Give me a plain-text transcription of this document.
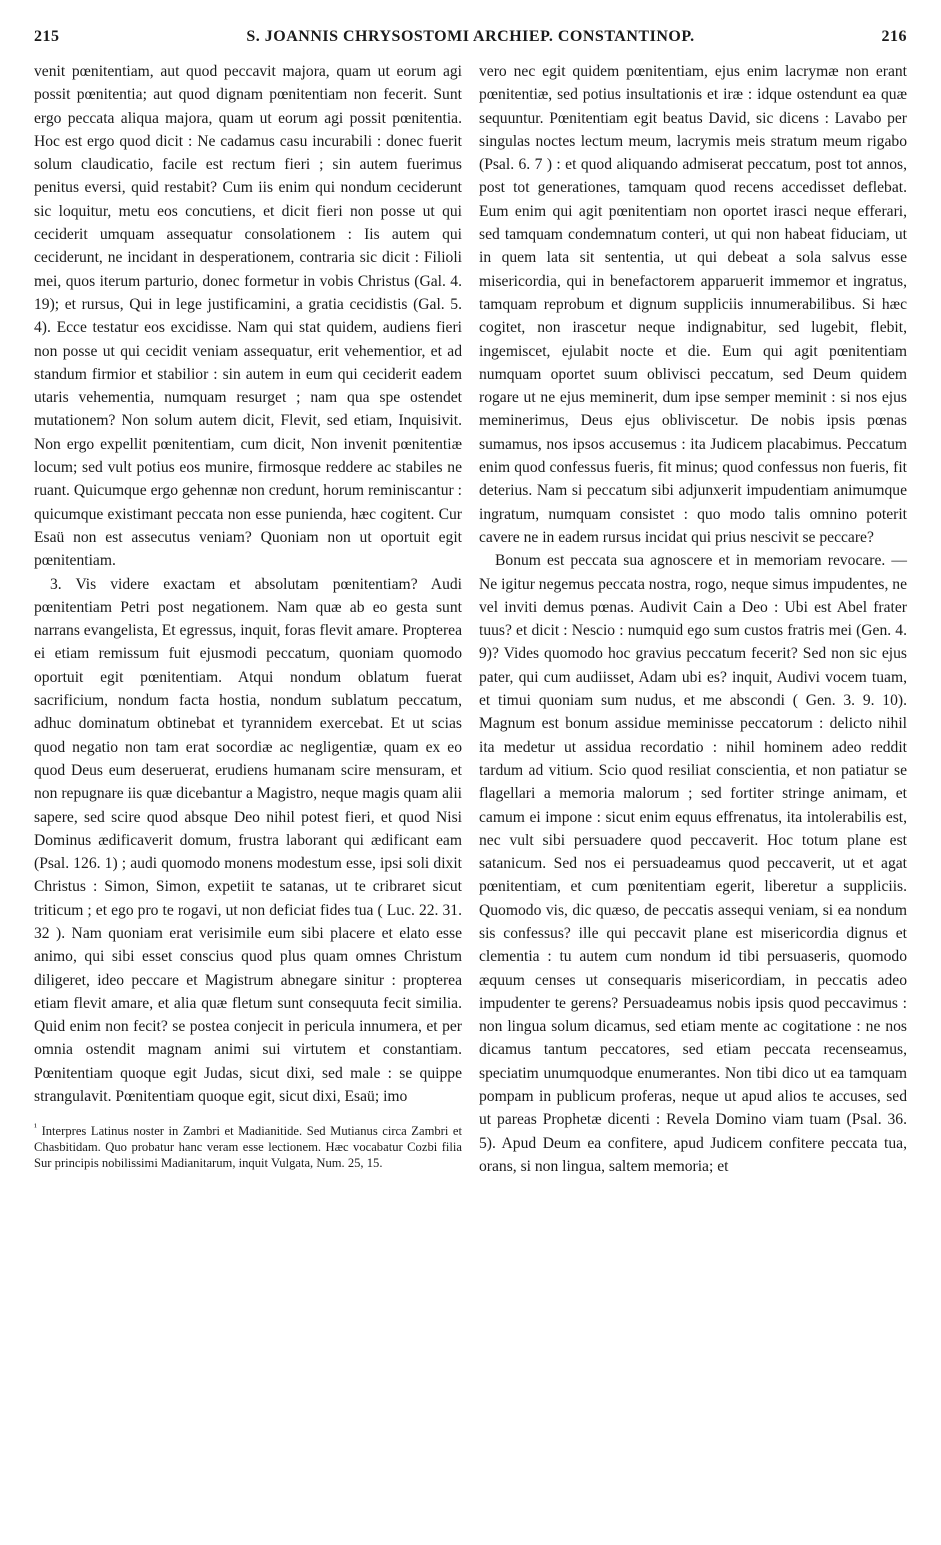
215	S. JOANNIS CHRYSOSTOMI ARCHIEP. CONSTANTINOP.	216

venit pœnitentiam, aut quod peccavit majora, quam ut eorum agi possit pœnitentia; aut quod dignam pœnitentiam non fecerit. Sunt ergo peccata aliqua majora, quam ut eorum agi possit pœnitentia. Hoc est ergo quod dicit : Ne cadamus casu incurabili : donec fuerit solum claudicatio, facile est rectum fieri ; sin autem fuerimus penitus eversi, quid restabit? Cum iis enim qui nondum ceciderunt sic loquitur, metu eos concutiens, et dicit fieri non posse ut qui ceciderit umquam assequatur consolationem : Iis autem qui ceciderunt, ne incidant in desperationem, contraria sic dicit : Filioli mei, quos iterum parturio, donec formetur in vobis Christus (Gal. 4. 19); et rursus, Qui in lege justificamini, a gratia cecidistis (Gal. 5. 4). Ecce testatur eos excidisse. Nam qui stat quidem, audiens fieri non posse ut qui cecidit veniam assequatur, erit vehementior, et ad standum firmior et stabilior : sin autem in eum qui ceciderit eadem utaris vehementia, numquam resurget ; nam qua spe ostendet mutationem? Non solum autem dicit, Flevit, sed etiam, Inquisivit. Non ergo expellit pœnitentiam, cum dicit, Non invenit pœnitentiæ locum; sed vult potius eos munire, firmosque reddere ac stabiles ne ruant. Quicumque ergo gehennæ non credunt, horum reminiscantur : quicumque existimant peccata non esse punienda, hæc cogitent. Cur Esaü non est assecutus veniam? Quoniam non ut oportuit egit pœnitentiam.

3. Vis videre exactam et absolutam pœnitentiam? Audi pœnitentiam Petri post negationem. Nam quæ ab eo gesta sunt narrans evangelista, Et egressus, inquit, foras flevit amare. Propterea ei etiam remissum fuit ejusmodi peccatum, quoniam quomodo oportuit egit pœnitentiam. Atqui nondum oblatum fuerat sacrificium, nondum facta hostia, nondum sublatum peccatum, adhuc dominatum obtinebat et tyrannidem exercebat. Et ut scias quod negatio non tam erat socordiæ ac negligentiæ, quam ex eo quod Deus eum deseruerat, erudiens humanam scire mensuram, et non repugnare iis quæ dicebantur a Magistro, neque magis quam alii sapere, sed scire quod absque Deo nihil potest fieri, et quod Nisi Dominus ædificaverit domum, frustra laborant qui ædificant eam (Psal. 126. 1) ; audi quomodo monens modestum esse, ipsi soli dixit Christus : Simon, Simon, expetiit te satanas, ut te cribraret sicut triticum ; et ego pro te rogavi, ut non deficiat fides tua ( Luc. 22. 31. 32 ). Nam quoniam erat verisimile eum sibi placere et elato esse animo, qui sibi esset conscius quod plus quam omnes Christum diligeret, ideo peccare et Magistrum abnegare sinitur : propterea etiam flevit amare, et alia quæ fletum sunt consequuta fecit similia. Quid enim non fecit? se postea conjecit in pericula innumera, et per omnia ostendit magnam animi sui virtutem et constantiam. Pœnitentiam quoque egit Judas, sicut dixi, sed male : se quippe strangulavit. Pœnitentiam quoque egit, sicut dixi, Esaü; imo

$^{^1}$ Interpres Latinus noster in Zambri et Madianitide. Sed Mutianus circa Zambri et Chasbitidam. Quo probatur hanc veram esse lectionem. Hæc vocabatur Cozbi filia Sur principis nobilissimi Madianitarum, inquit Vulgata, Num. 25, 15.

vero nec egit quidem pœnitentiam, ejus enim lacrymæ non erant pœnitentiæ, sed potius insultationis et iræ : idque ostendunt ea quæ sequuntur. Pœnitentiam egit beatus David, sic dicens : Lavabo per singulas noctes lectum meum, lacrymis meis stratum meum rigabo (Psal. 6. 7 ) : et quod aliquando admiserat peccatum, post tot annos, post tot generationes, tamquam quod recens accedisset deflebat. Eum enim qui agit pœnitentiam non oportet irasci neque efferari, sed tamquam condemnatum conteri, ut qui non habeat fiduciam, ut in quem lata sit sententia, ut qui debeat a sola salvus esse misericordia, qui in benefactorem apparuerit immemor et ingratus, tamquam reprobum et dignum suppliciis innumerabilibus. Si hæc cogitet, non irascetur neque indignabitur, sed lugebit, flebit, ingemiscet, ejulabit nocte et die. Eum qui agit pœnitentiam numquam oportet suum oblivisci peccatum, sed Deum quidem rogare ut ne ejus meminerit, dum ipse semper meminit : si nos ejus meminerimus, Deus ejus obliviscetur. De nobis ipsis pœnas sumamus, nos ipsos accusemus : ita Judicem placabimus. Peccatum enim quod confessus fueris, fit minus; quod confessus non fueris, fit deterius. Nam si peccatum sibi adjunxerit impudentiam animumque ingratum, numquam consistet : quo modo talis omnino poterit cavere ne in eadem rursus incidat qui prius nescivit se peccare?

Bonum est peccata sua agnoscere et in memoriam revocare. — Ne igitur negemus peccata nostra, rogo, neque simus impudentes, ne vel inviti demus pœnas. Audivit Cain a Deo : Ubi est Abel frater tuus? et dicit : Nescio : numquid ego sum custos fratris mei (Gen. 4. 9)? Vides quomodo hoc gravius peccatum fecerit? Sed non sic ejus pater, qui cum audiisset, Adam ubi es? inquit, Audivi vocem tuam, et timui quoniam sum nudus, et me abscondi ( Gen. 3. 9. 10). Magnum est bonum assidue meminisse peccatorum : delicto nihil ita medetur ut assidua recordatio : nihil hominem adeo reddit tardum ad vitium. Scio quod resiliat conscientia, et non patiatur se flagellari a memoria malorum ; sed fortiter stringe animam, et camum ei impone : sicut enim equus effrenatus, ita intolerabilis est, nec vult sibi persuadere quod peccaverit. Hoc totum plane est satanicum. Sed nos ei persuadeamus quod peccaverit, ut et agat pœnitentiam, et cum pœnitentiam egerit, liberetur a suppliciis. Quomodo vis, dic quæso, de peccatis assequi veniam, si ea nondum sis confessus? ille qui peccavit plane est misericordia dignus et clementia : tu autem cum nondum id tibi persuaseris, quomodo æquum censes ut consequaris misericordiam, in peccatis adeo impudenter te gerens? Persuadeamus nobis ipsis quod peccavimus : non lingua solum dicamus, sed etiam mente ac cogitatione : ne nos dicamus tantum peccatores, sed etiam peccata recenseamus, speciatim unumquodque enumerantes. Non tibi dico ut ea tamquam pompam in publicum proferas, neque ut apud alios te accuses, sed ut pareas Prophetæ dicenti : Revela Domino viam tuam (Psal. 36. 5). Apud Deum ea confitere, apud Judicem confitere peccata tua, orans, si non lingua, saltem memoria; et
